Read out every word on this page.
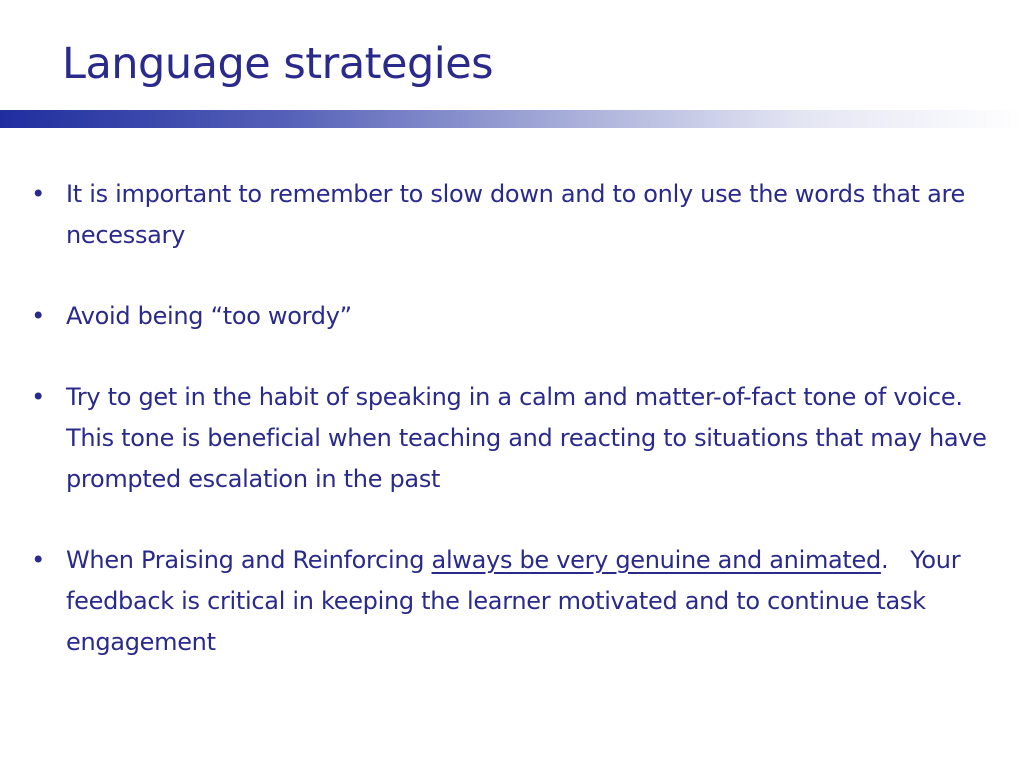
Language strategies
• It is important to remember to slow down and to only use the words that are necessary
• Avoid being “too wordy”
• Try to get in the habit of speaking in a calm and matter-of-fact tone of voice.   This tone is beneficial when teaching and reacting to situations that may have prompted escalation in the past
• When Praising and Reinforcing always be very genuine and animated.   Your feedback is critical in keeping the learner motivated and to continue task engagement
